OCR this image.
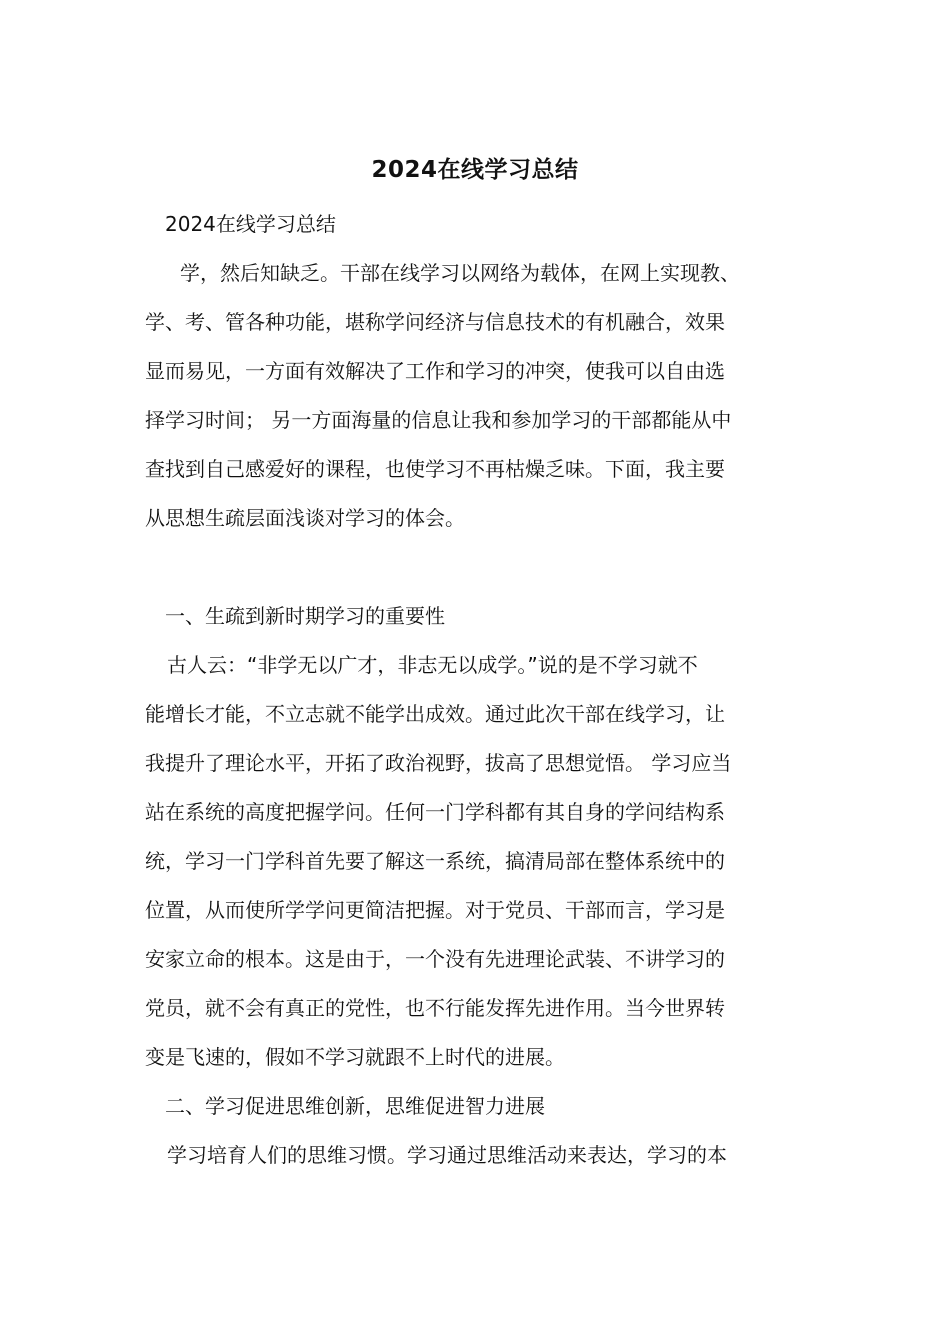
2024在线学习总结
2024在线学习总结
学，然后知缺乏。干部在线学习以网络为载体，在网上实现教、
学、考、管各种功能，堪称学问经济与信息技术的有机融合，效果
显而易见，一方面有效解决了工作和学习的冲突，使我可以自由选
择学习时间； 另一方面海量的信息让我和参加学习的干部都能从中
查找到自己感爱好的课程，也使学习不再枯燥乏味。下面，我主要
从思想生疏层面浅谈对学习的体会。
一、生疏到新时期学习的重要性
古人云：“非学无以广才，非志无以成学。”说的是不学习就不
能增长才能，不立志就不能学出成效。通过此次干部在线学习，让
我提升了理论水平，开拓了政治视野，拔高了思想觉悟。 学习应当
站在系统的高度把握学问。任何一门学科都有其自身的学问结构系
统，学习一门学科首先要了解这一系统，搞清局部在整体系统中的
位置，从而使所学学问更简洁把握。对于党员、干部而言，学习是
安家立命的根本。这是由于，一个没有先进理论武装、不讲学习的
党员，就不会有真正的党性，也不行能发挥先进作用。当今世界转
变是飞速的，假如不学习就跟不上时代的进展。
二、学习促进思维创新，思维促进智力进展
学习培育人们的思维习惯。学习通过思维活动来表达，学习的本
